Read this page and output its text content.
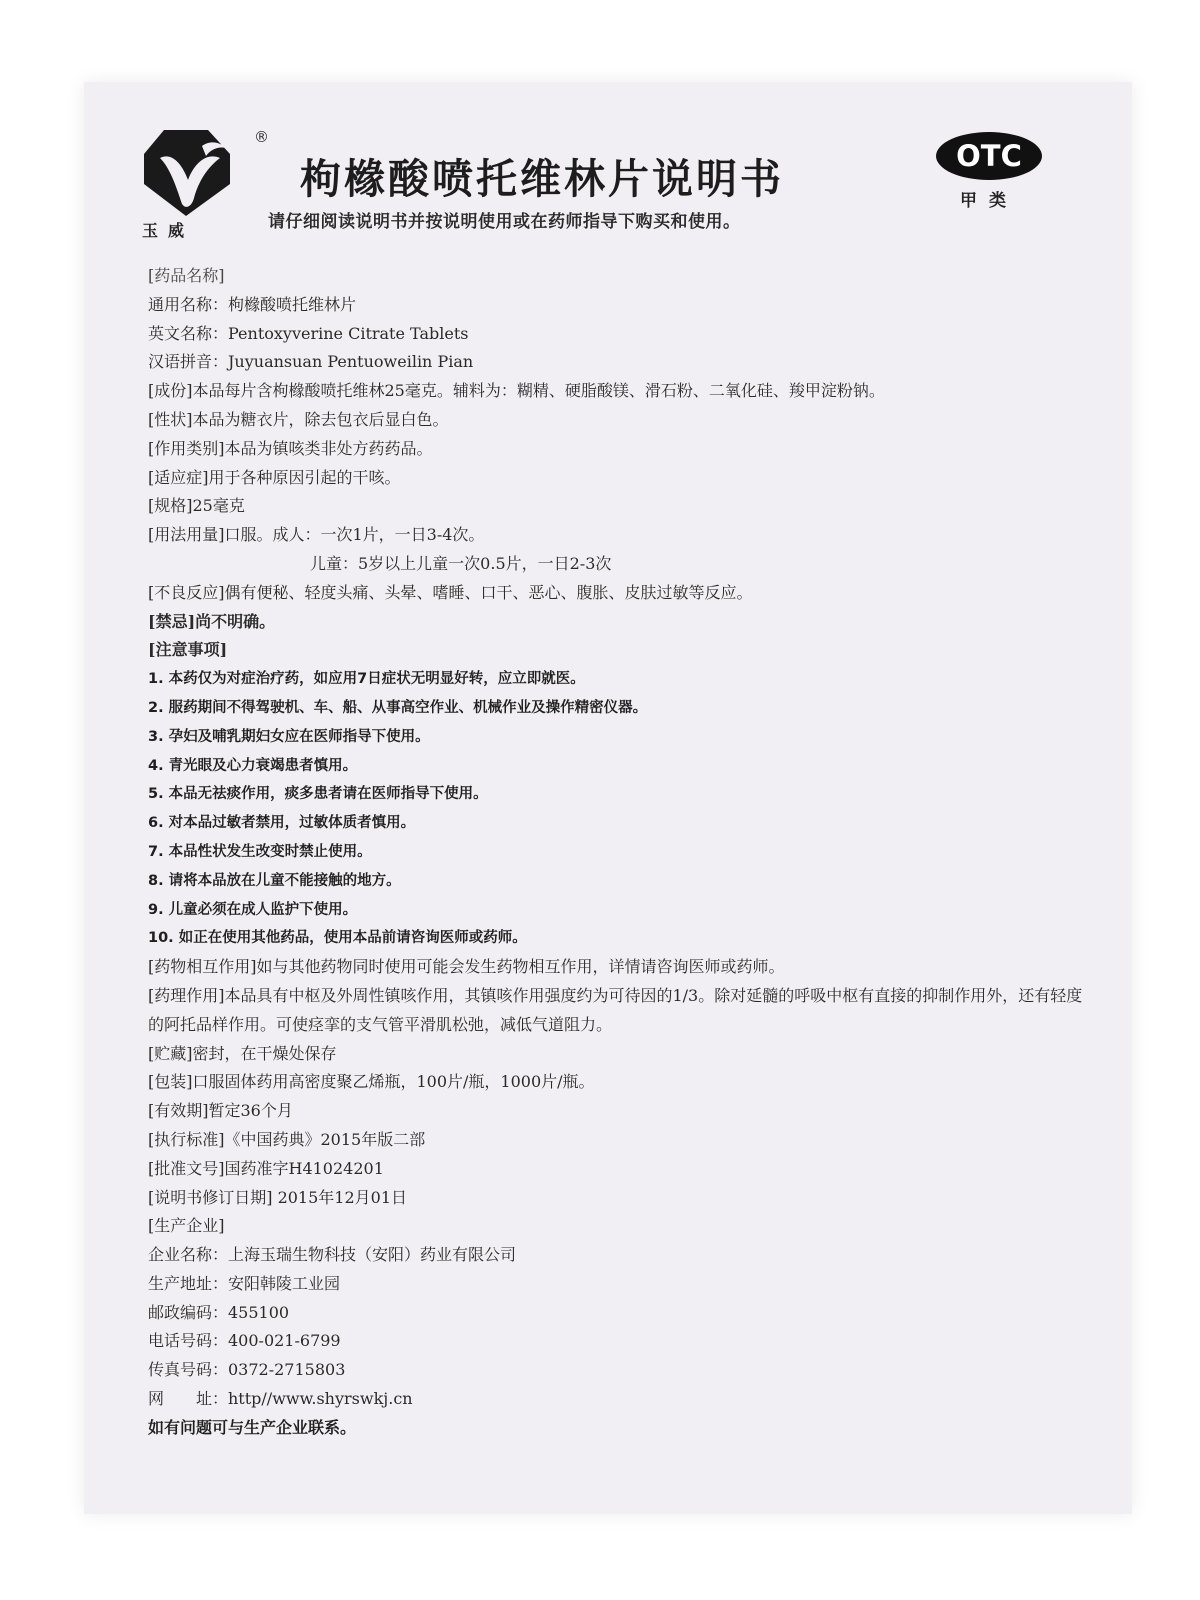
®
玉威
枸橼酸喷托维林片说明书
请仔细阅读说明书并按说明使用或在药师指导下购买和使用。
OTC
甲类
[药品名称]
通用名称：枸橼酸喷托维林片
英文名称：Pentoxyverine Citrate Tablets
汉语拼音：Juyuansuan Pentuoweilin Pian
[成份]本品每片含枸橼酸喷托维林25毫克。辅料为：糊精、硬脂酸镁、滑石粉、二氧化硅、羧甲淀粉钠。
[性状]本品为糖衣片，除去包衣后显白色。
[作用类别]本品为镇咳类非处方药药品。
[适应症]用于各种原因引起的干咳。
[规格]25毫克
[用法用量]口服。成人：一次1片，一日3-4次。
儿童：5岁以上儿童一次0.5片，一日2-3次
[不良反应]偶有便秘、轻度头痛、头晕、嗜睡、口干、恶心、腹胀、皮肤过敏等反应。
[禁忌]尚不明确。
[注意事项]
1. 本药仅为对症治疗药，如应用7日症状无明显好转，应立即就医。
2. 服药期间不得驾驶机、车、船、从事高空作业、机械作业及操作精密仪器。
3. 孕妇及哺乳期妇女应在医师指导下使用。
4. 青光眼及心力衰竭患者慎用。
5. 本品无祛痰作用，痰多患者请在医师指导下使用。
6. 对本品过敏者禁用，过敏体质者慎用。
7. 本品性状发生改变时禁止使用。
8. 请将本品放在儿童不能接触的地方。
9. 儿童必须在成人监护下使用。
10. 如正在使用其他药品，使用本品前请咨询医师或药师。
[药物相互作用]如与其他药物同时使用可能会发生药物相互作用，详情请咨询医师或药师。
[药理作用]本品具有中枢及外周性镇咳作用，其镇咳作用强度约为可待因的1/3。除对延髓的呼吸中枢有直接的抑制作用外，还有轻度的阿托品样作用。可使痉挛的支气管平滑肌松弛，减低气道阻力。
[贮藏]密封，在干燥处保存
[包装]口服固体药用高密度聚乙烯瓶，100片/瓶，1000片/瓶。
[有效期]暂定36个月
[执行标准]《中国药典》2015年版二部
[批准文号]国药准字H41024201
[说明书修订日期] 2015年12月01日
[生产企业]
企业名称：上海玉瑞生物科技（安阳）药业有限公司
生产地址：安阳韩陵工业园
邮政编码：455100
电话号码：400-021-6799
传真号码：0372-2715803
网　　址：http//www.shyrswkj.cn
如有问题可与生产企业联系。
